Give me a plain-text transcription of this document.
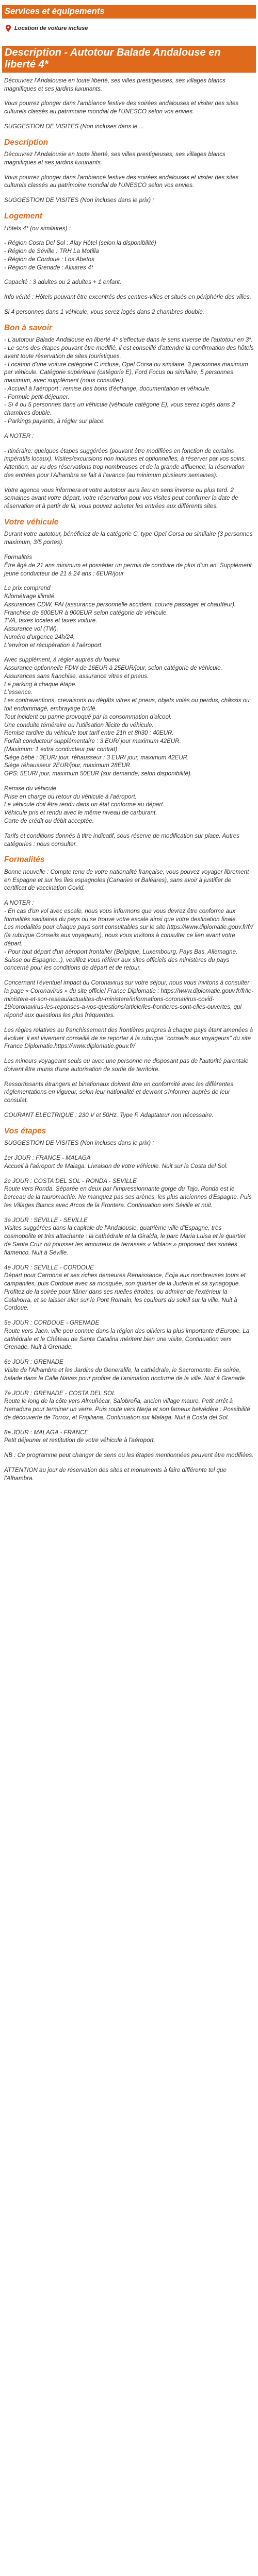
Services et équipements
Location de voiture incluse
Description - Autotour Balade Andalouse en liberté 4*

Découvrez l'Andalousie en toute liberté, ses villes prestigieuses, ses villages blancs magnifiques et ses jardins luxuriants.

Vous pourrez plonger dans l'ambiance festive des soirées andalouses et visiter des sites culturels classés au patrimoine mondial de l'UNESCO selon vos envies.

SUGGESTION DE VISITES (Non incluses dans le ...

Description

Découvrez l'Andalousie en toute liberté, ses villes prestigieuses, ses villages blancs magnifiques et ses jardins luxuriants.

Vous pourrez plonger dans l'ambiance festive des soirées andalouses et visiter des sites culturels classés au patrimoine mondial de l'UNESCO selon vos envies.

SUGGESTION DE VISITES (Non incluses dans le prix) :

Logement

Hôtels 4* (ou similaires) :

- Région Costa Del Sol : Alay Hôtel (selon la disponibilité)

- Région de Séville : TRH La Motilla

- Région de Cordoue : Los Abetos

- Région de Grenade : Alixares 4*

Capacité : 3 adultes ou 2 adultes + 1 enfant.

Info vérité : Hôtels pouvant être excentrés des centres-villes et situés en périphérie des villes.

Si 4 personnes dans 1 véhicule, vous serez logés dans 2 chambres double.

Bon à savoir

- L'autotour Balade Andalouse en liberté 4* s'effectue dans le sens inverse de l'autotour en 3*.

- Le sens des étapes pouvant être modifié, il est conseillé d'attendre la confirmation des hôtels avant toute réservation de sites touristiques.

- Location d'une voiture catégorie C incluse, Opel Corsa ou similaire. 3 personnes maximum par véhicule. Catégorie supérieure (catégorie E), Ford Focus ou similaire, 5 personnes maximum, avec supplément (nous consulter).

- Accueil à l'aéroport : remise des bons d'échange, documentation et véhicule.

- Formule petit-déjeuner.

- Si 4 ou 5 personnes dans un véhicule (véhicule catégorie E), vous serez logés dans 2 chambres double.

- Parkings payants, à régler sur place.

A NOTER :

- Itinéraire: quelques étapes suggérées (pouvant être modifiées en fonction de certains impératifs locaux). Visites/excursions non incluses et optionnelles, à réserver par vos soins. Attention, au vu des réservations trop nombreuses et de la grande affluence, la réservation des entrées pour l'Alhambra se fait à l'avance (au minimum plusieurs semaines).

Votre agence vous informera et votre autotour aura lieu en sens inverse ou plus tard. 2 semaines avant votre départ, votre réservation pour vos visites peut confirmer la date de réservation et à partir de là, vous pouvez acheter les entrées aux différents sites.

Votre véhicule

Durant votre autotour, bénéficiez de la catégorie C, type Opel Corsa ou similaire (3 personnes maximum, 3/5 portes).

Formalités

Être âgé de 21 ans minimum et posséder un permis de conduire de plus d'un an. Supplément jeune conducteur de 21 à 24 ans : 6EUR/jour

Le prix comprend

Kilométrage illimité.

Assurances CDW, PAI (assurance personnelle accident, couvre passager et chauffeur).

Franchise de 600EUR à 900EUR selon catégorie de véhicule.

TVA, taxes locales et taxes voiture.

Assurance vol (TW).

Numéro d'urgence 24h/24.

L'environ et récupération à l'aéroport.

Avec supplément, à régler auprès du loueur

Assurance optionnelle FDW de 16EUR à 25EUR/jour, selon catégorie de véhicule.

Assurances sans franchise, assurance vitres et pneus.

Le parking à chaque étape.

L'essence.

Les contraventions, crevaisons ou dégâts vitres et pneus, objets volés ou perdus, châssis ou toit endommagé, embrayage brûlé.

Tout incident ou panne provoqué par la consommation d'alcool.

Une conduite téméraire ou l'utilisation illicite du véhicule.

Remise tardive du véhicule tout tarif entre 21h et 8h30 : 40EUR.

Forfait conducteur supplémentaire : 3 EUR/ jour maximum 42EUR.

(Maximum: 1 extra conducteur par contrat)

Siège bébé : 3EUR/ jour, réhausseur : 3 EUR/ jour, maximum 42EUR.

Siège réhausseur 2EUR/jour, maximum 28EUR.

GPS: 5EUR/ jour, maximum 50EUR (sur demande, selon disponibilité).

Remise du véhicule

Prise en charge ou retour du véhicule à l'aéroport.

Le véhicule doit être rendu dans un état conforme au départ.

Véhicule pris et rendu avec le même niveau de carburant.

Carte de crédit ou débit acceptée.

Tarifs et conditions donnés à titre indicatif, sous réserve de modification sur place. Autres catégories : nous consulter.

Formalités

Bonne nouvelle : Compte tenu de votre nationalité française, vous pouvez voyager librement en Espagne et sur les îles espagnoles (Canaries et Baléares), sans avoir à justifier de certificat de vaccination Covid.

A NOTER :

- En cas d'un vol avec escale, nous vous informons que vous devrez être conforme aux formalités sanitaires du pays où se trouve votre escale ainsi que votre destination finale.

Les modalités pour chaque pays sont consultables sur le site https://www.diplomatie.gouv.fr/fr/ (la rubrique Conseils aux voyageurs), nous vous invitons à consulter ce lien avant votre départ.

- Pour tout départ d'un aéroport frontalier (Belgique, Luxembourg, Pays Bas, Allemagne, Suisse ou Espagne...), veuillez vous référer aux sites officiels des ministères du pays concerné pour les conditions de départ et de retour.

Concernant l'éventuel impact du Coronavirus sur votre séjour, nous vous invitons à consulter la page « Coronavirus » du site officiel France Diplomatie : https://www.diplomatie.gouv.fr/fr/le-ministere-et-son-reseau/actualites-du-ministere/informations-coronavirus-covid-19/coronavirus-les-reponses-a-vos-questions/article/les-frontieres-sont-elles-ouvertes, qui répond aux questions les plus fréquentes.

Les règles relatives au franchissement des frontières propres à chaque pays étant amenées à évoluer, il est vivement conseillé de se reporter à la rubrique "conseils aux voyageurs" du site France Diplomatie.https://www.diplomatie.gouv.fr/

Les mineurs voyageant seuls ou avec une personne ne disposant pas de l'autorité parentale doivent être munis d'une autorisation de sortie de territoire.

Ressortissants étrangers et binationaux doivent être en conformité avec les différentes réglementations en vigueur, selon leur nationalité et devront s'informer auprès de leur consulat.

COURANT ELECTRIQUE : 230 V et 50Hz. Type F. Adaptateur non nécessaire.

Vos étapes

SUGGESTION DE VISITES (Non incluses dans le prix) :

1er JOUR : FRANCE - MALAGA

Accueil à l'aéroport de Malaga. Livraison de votre véhicule. Nuit sur la Costa del Sol.

2e JOUR : COSTA DEL SOL - RONDA - SEVILLE

Route vers Ronda. Séparée en deux par l'impressionnante gorge du Tajo, Ronda est le berceau de la tauromachie. Ne manquez pas ses arènes, les plus anciennes d'Espagne. Puis les Villages Blancs avec Arcos de la Frontera. Continuation vers Séville et nuit.

3e JOUR : SEVILLE - SEVILLE

Visites suggérées dans la capitale de l'Andalousie, quatrième ville d'Espagne, très cosmopolite et très attachante : la cathédrale et la Giralda, le parc Maria Luisa et le quartier de Santa Cruz où pousser les amoureux de terrasses « tablaos » proposent des soirées flamenco. Nuit à Séville.

4e JOUR : SEVILLE - CORDOUE

Départ pour Carmona et ses riches demeures Renaissance, Ecija aux nombreuses tours et campaniles, puis Cordoue avec sa mosquée, son quartier de la Judería et sa synagogue. Profitez de la soirée pour flâner dans ses ruelles étroites, ou admirer de l'extérieur la Calahorra, et se laisser aller sur le Pont Romain, les couleurs du soleil sur la ville. Nuit à Cordoue.

5e JOUR : CORDOUE - GRENADE

Route vers Jaen, ville peu connue dans la région des oliviers la plus importante d'Europe. La cathédrale et le Château de Santa Catalina méritent bien une visite. Continuation vers Grenade. Nuit à Grenade.

6e JOUR : GRENADE

Visite de l'Alhambra et les Jardins du Generalife, la cathédrale, le Sacromonte. En soirée, balade dans la Calle Navas pour profiter de l'animation nocturne de la ville. Nuit à Grenade.

7e JOUR : GRENADE - COSTA DEL SOL

Route le long de la côte vers Almuñécar, Salobreña, ancien village maure. Petit arrêt à Herradura pour terminer un verre. Puis route vers Nerja et son fameux belvédère : Possibilité de découverte de Torrox, et Frigiliana. Continuation sur Malaga. Nuit à Costa del Sol.

8e JOUR : MALAGA - FRANCE

Petit déjeuner et restitution de votre véhicule à l'aéroport.

NB : Ce programme peut changer de sens ou les étapes mentionnées peuvent être modifiées.

ATTENTION au jour de réservation des sites et monuments à faire différente tel que l'Alhambra.
